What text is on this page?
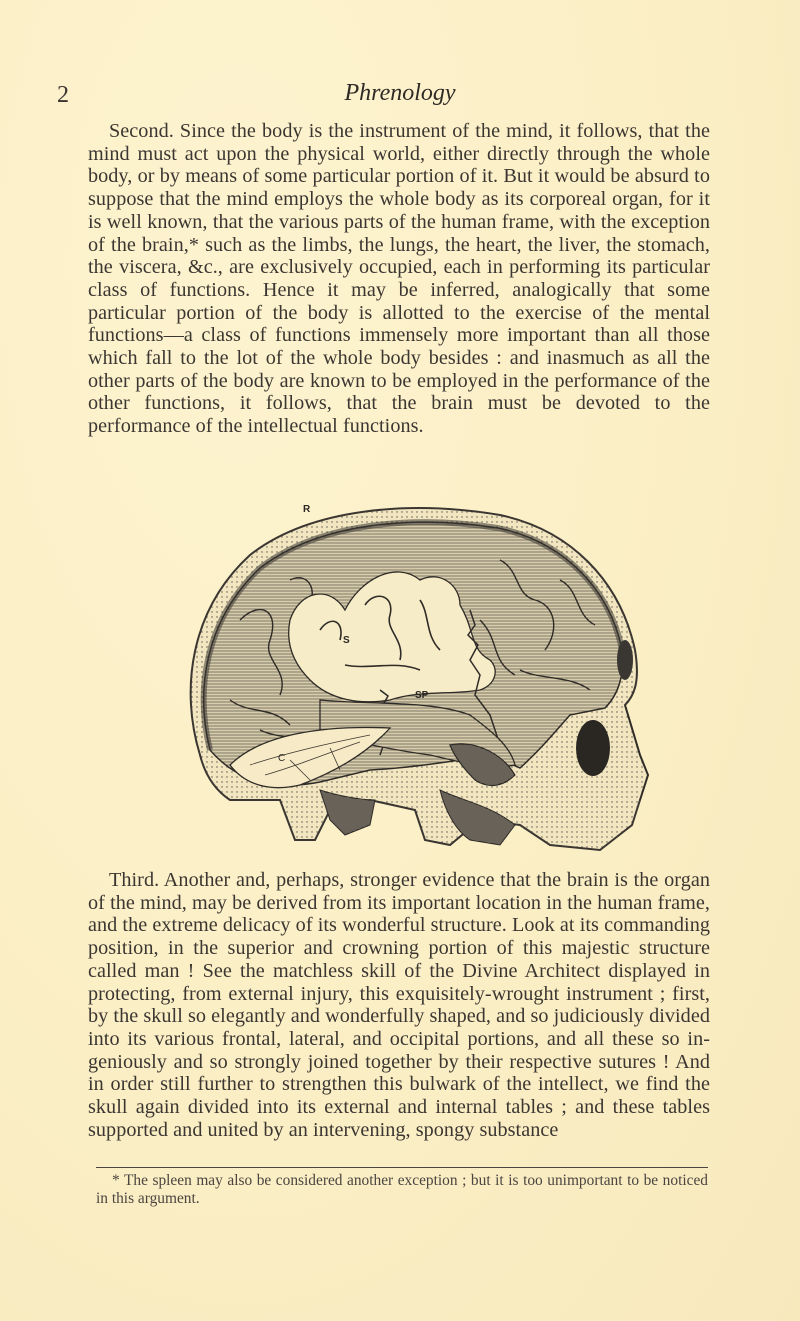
2	Phrenology

Second. Since the body is the instrument of the mind, it follows, that the mind must act upon the physical world, either directly through the whole body, or by means of some particular portion of it. But it would be absurd to suppose that the mind employs the whole body as its corporeal organ, for it is well known, that the various parts of the human frame, with the exception of the brain,* such as the limbs, the lungs, the heart, the liver, the stomach, the viscera, &c., are exclusively occupied, each in performing its particular class of functions. Hence it may be inferred, analogically that some particular portion of the body is allotted to the exercise of the mental functions—a class of functions immensely more important than all those which fall to the lot of the whole body besides : and inasmuch as all the other parts of the body are known to be employed in the performance of the other functions, it follows, that the brain must be devoted to the performance of the intellectual functions.

R
S
SP
C

Third. Another and, perhaps, stronger evidence that the brain is the organ of the mind, may be derived from its important location in the human frame, and the extreme delicacy of its wonderful structure. Look at its commanding position, in the superior and crowning portion of this majestic structure called man ! See the matchless skill of the Divine Architect displayed in protecting, from external injury, this exquisitely-wrought instrument ; first, by the skull so elegantly and wonderfully shaped, and so judiciously divided into its various frontal, lateral, and occipital portions, and all these so in-geniously and so strongly joined together by their respective sutures ! And in order still further to strengthen this bulwark of the intellect, we find the skull again divided into its external and internal tables ; and these tables supported and united by an intervening, spongy substance

* The spleen may also be considered another exception ; but it is too unimportant to be noticed in this argument.
